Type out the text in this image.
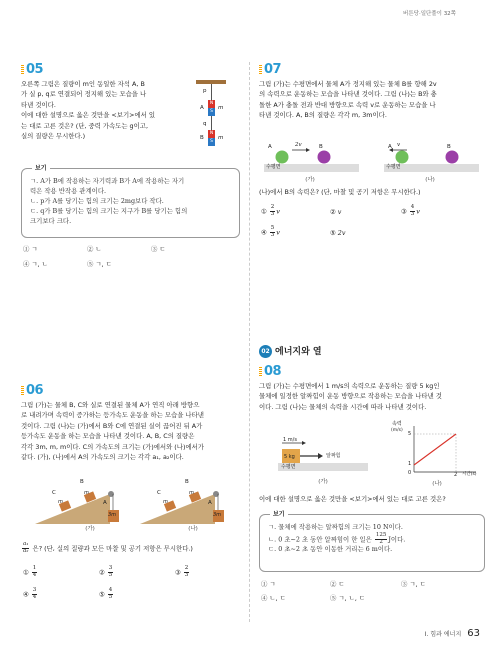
버튼당·일단풀이 32쪽
05
오른쪽 그림은 질량이 m인 동일한 자석 A, B
가 실 p, q로 연결되어 정지해 있는 모습을 나
타낸 것이다.
이에 대한 설명으로 옳은 것만을 <보기>에서 있
는 대로 고른 것은? (단, 중력 가속도는 g이고,
실의 질량은 무시한다.)
p
N
S
A	m
q
N
S
B	m
보기
ㄱ. A가 B에 작용하는 자기력과 B가 A에 작용하는 자기
력은 작용 반작용 관계이다.
ㄴ. p가 A를 당기는 힘의 크기는 2mg보다 작다.
ㄷ. q가 B를 당기는 힘의 크기는 지구가 B를 당기는 힘의
크기보다 크다.
① ㄱ	② ㄴ	③ ㄷ
④ ㄱ, ㄴ	⑤ ㄱ, ㄷ
06
그림 (가)는 물체 B, C와 실로 연결된 물체 A가 연직 아래 방향으
로 내려가며 속력이 증가하는 등가속도 운동을 하는 모습을 나타낸
것이다. 그림 (나)는 (가)에서 B와 C에 연결된 실이 끊어진 뒤 A가
등가속도 운동을 하는 모습을 나타낸 것이다. A, B, C의 질량은
각각 3m, m, m이다. C의 가속도의 크기는 (가)에서와 (나)에서가
같다. (가), (나)에서 A의 가속도의 크기는 각각 a₁, a₂이다.
C
B
A
m
m
3m
C
B
A
m
m
3m
(가)	(나)
$\frac{\text{a₁}}{\text{a₂}}$ 은? (단, 실의 질량과 모든 마찰 및 공기 저항은 무시한다.)
① $\frac{1}{4}$	② $\frac{3}{5}$	③ $\frac{2}{3}$
④ $\frac{3}{4}$	⑤ $\frac{4}{5}$
07
그림 (가)는 수평면에서 물체 A가 정지해 있는 물체 B를 향해 2v
의 속력으로 운동하는 모습을 나타낸 것이다. 그림 (나)는 B와 충
돌한 A가 충돌 전과 반대 방향으로 속력 v로 운동하는 모습을 나
타낸 것이다. A, B의 질량은 각각 m, 3m이다.
A	B
2v
수평면
(가)
A	B
v
수평면
(나)
(나)에서 B의 속력은? (단, 마찰 및 공기 저항은 무시한다.)
① $\frac{2}{3}$ v	② v	③ $\frac{4}{3}$ v
④ $\frac{5}{3}$ v	⑤ 2v
02 에너지와 열
08
그림 (가)는 수평면에서 1 m/s의 속력으로 운동하는 질량 5 kg인
물체에 일정한 알짜힘이 운동 방향으로 작용하는 모습을 나타낸 것
이다. 그림 (나)는 물체의 속력을 시간에 따라 나타낸 것이다.
1 m/s
5 kg	알짜힘
수평면
(가)
속력
(m/s)
5
1
0	2 시간(s)
(나)
이에 대한 설명으로 옳은 것만을 <보기>에서 있는 대로 고른 것은?
보기
ㄱ. 물체에 작용하는 알짜힘의 크기는 10 N이다.
ㄴ. 0 초~2 초 동안 알짜힘이 한 일은 $\frac{125}{2}$ J이다.
ㄷ. 0 초~2 초 동안 이동한 거리는 6 m이다.
① ㄱ	② ㄷ	③ ㄱ, ㄷ
④ ㄴ, ㄷ	⑤ ㄱ, ㄴ, ㄷ
I. 힘과 에너지 63
